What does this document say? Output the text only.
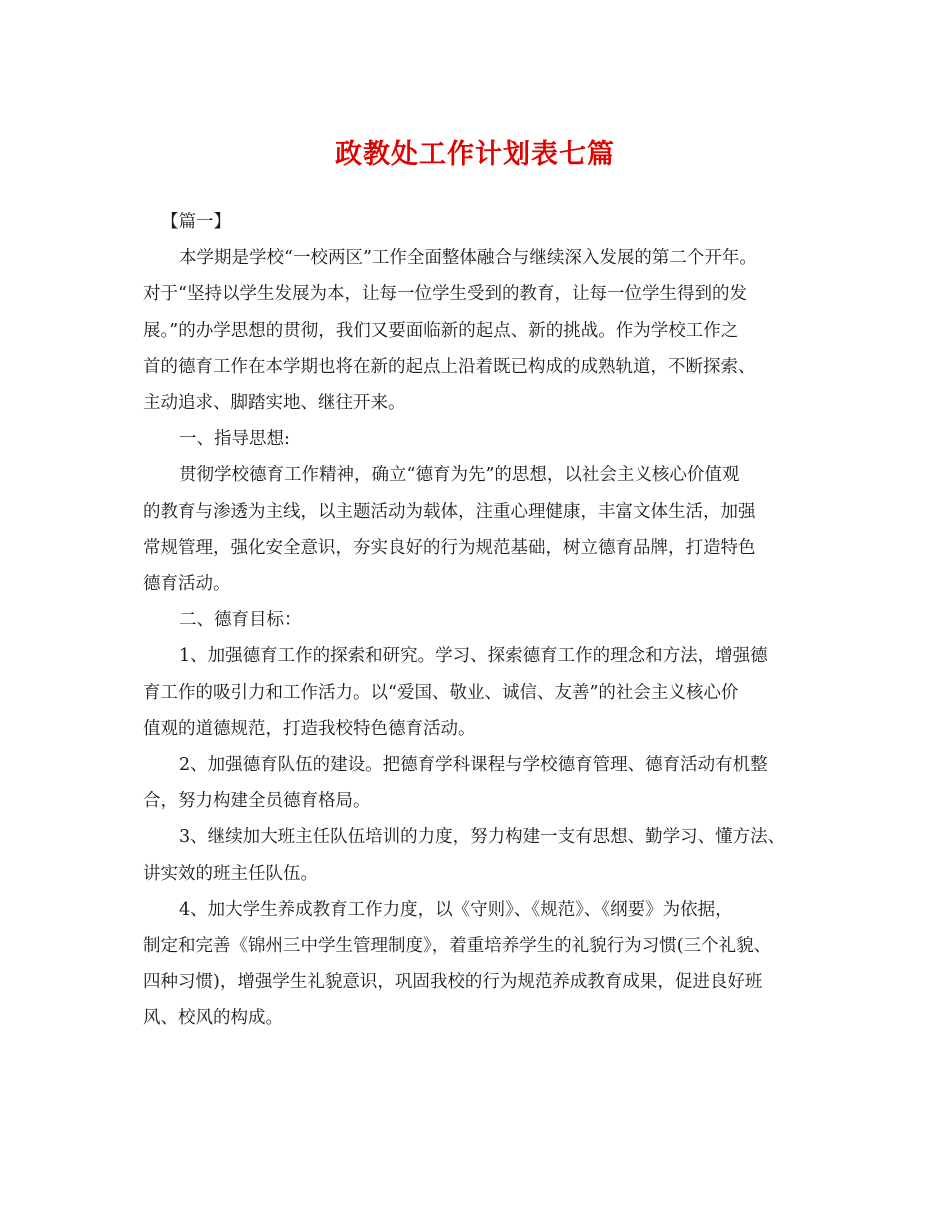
政教处工作计划表七篇
【篇一】
本学期是学校“一校两区”工作全面整体融合与继续深入发展的第二个开年。
对于“坚持以学生发展为本，让每一位学生受到的教育，让每一位学生得到的发
展。”的办学思想的贯彻，我们又要面临新的起点、新的挑战。作为学校工作之
首的德育工作在本学期也将在新的起点上沿着既已构成的成熟轨道，不断探索、
主动追求、脚踏实地、继往开来。
一、指导思想:
贯彻学校德育工作精神，确立“德育为先”的思想，以社会主义核心价值观
的教育与渗透为主线，以主题活动为载体，注重心理健康，丰富文体生活，加强
常规管理，强化安全意识，夯实良好的行为规范基础，树立德育品牌，打造特色
德育活动。
二、德育目标：
1、加强德育工作的探索和研究。学习、探索德育工作的理念和方法，增强德
育工作的吸引力和工作活力。以“爱国、敬业、诚信、友善”的社会主义核心价
值观的道德规范，打造我校特色德育活动。
2、加强德育队伍的建设。把德育学科课程与学校德育管理、德育活动有机整
合，努力构建全员德育格局。
3、继续加大班主任队伍培训的力度，努力构建一支有思想、勤学习、懂方法、
讲实效的班主任队伍。
4、加大学生养成教育工作力度，以《守则》、《规范》、《纲要》为依据，
制定和完善《锦州三中学生管理制度》，着重培养学生的礼貌行为习惯(三个礼貌、
四种习惯)，增强学生礼貌意识，巩固我校的行为规范养成教育成果，促进良好班
风、校风的构成。
